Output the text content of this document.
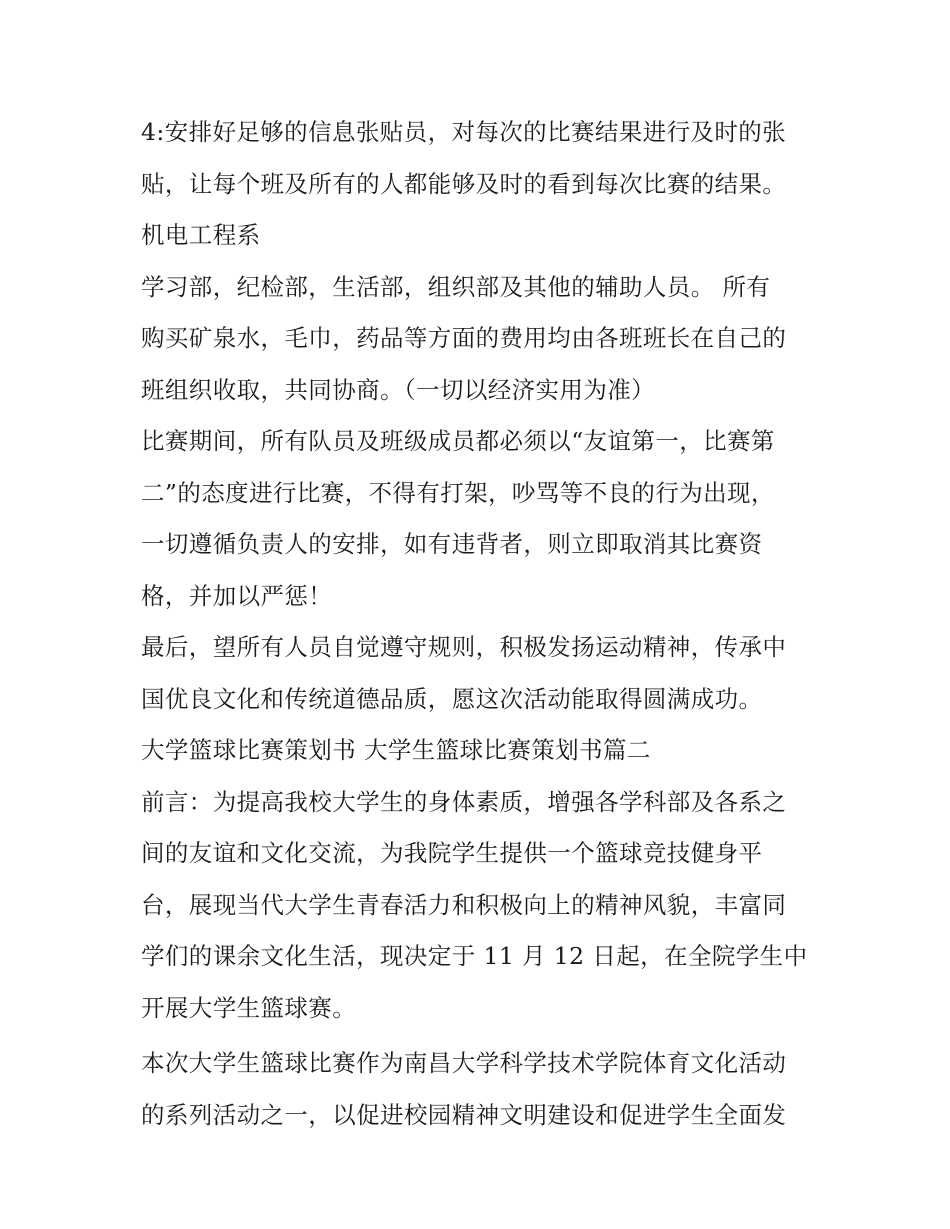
4:安排好足够的信息张贴员，对每次的比赛结果进行及时的张
贴，让每个班及所有的人都能够及时的看到每次比赛的结果。
机电工程系
学习部，纪检部，生活部，组织部及其他的辅助人员。 所有
购买矿泉水，毛巾，药品等方面的费用均由各班班长在自己的
班组织收取，共同协商。（一切以经济实用为准）
比赛期间，所有队员及班级成员都必须以“友谊第一，比赛第
二”的态度进行比赛，不得有打架，吵骂等不良的行为出现，
一切遵循负责人的安排，如有违背者，则立即取消其比赛资
格，并加以严惩！
最后，望所有人员自觉遵守规则，积极发扬运动精神，传承中
国优良文化和传统道德品质，愿这次活动能取得圆满成功。
大学篮球比赛策划书 大学生篮球比赛策划书篇二
前言：为提高我校大学生的身体素质，增强各学科部及各系之
间的友谊和文化交流，为我院学生提供一个篮球竞技健身平
台，展现当代大学生青春活力和积极向上的精神风貌，丰富同
学们的课余文化生活，现决定于 11 月 12 日起，在全院学生中
开展大学生篮球赛。
本次大学生篮球比赛作为南昌大学科学技术学院体育文化活动
的系列活动之一，以促进校园精神文明建设和促进学生全面发
